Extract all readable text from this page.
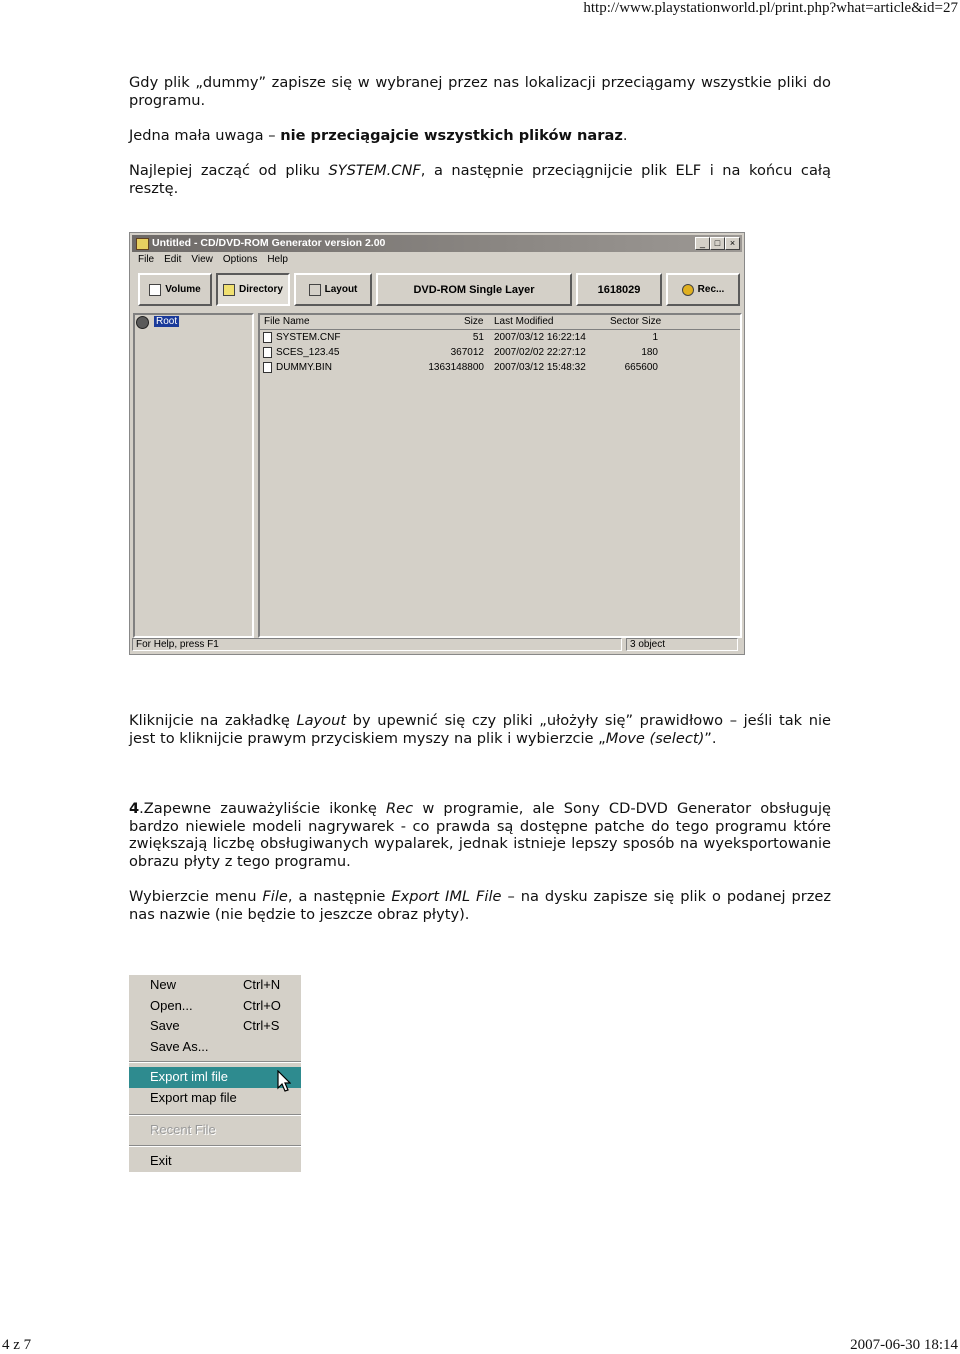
http://www.playstationworld.pl/print.php?what=article&id=27

Gdy plik „dummy” zapisze się w wybranej przez nas lokalizacji przeciągamy wszystkie pliki do programu.

Jedna mała uwaga – nie przeciągajcie wszystkich plików naraz.

Najlepiej zacząć od pliku SYSTEM.CNF, a następnie przeciągnijcie plik ELF i na końcu całą resztę.

Untitled - CD/DVD-ROM Generator version 2.00	_	□	×
File Edit View Options Help
Volume	Directory	Layout	DVD-ROM Single Layer	1618029	Rec...
Root	File Name	Size Last Modified	Sector Size
SYSTEM.CNF	51 2007/03/12 16:22:14	1
SCES_123.45	367012 2007/02/02 22:27:12	180
DUMMY.BIN	1363148800 2007/03/12 15:48:32	665600
For Help, press F1	3 object

Kliknijcie na zakładkę Layout by upewnić się czy pliki „ułożyły się” prawidłowo – jeśli tak nie jest to kliknijcie prawym przyciskiem myszy na plik i wybierzcie „Move (select)”.

4.Zapewne zauważyliście ikonkę Rec w programie, ale Sony CD-DVD Generator obsługuję bardzo niewiele modeli nagrywarek - co prawda są dostępne patche do tego programu które zwiększają liczbę obsługiwanych wypalarek, jednak istnieje lepszy sposób na wyeksportowanie obrazu płyty z tego programu.

Wybierzcie menu File, a następnie Export IML File – na dysku zapisze się plik o podanej przez nas nazwie (nie będzie to jeszcze obraz płyty).

New	Ctrl+N
Open...	Ctrl+O
Save	Ctrl+S
Save As...
Export iml file
Export map file
Recent File
Exit
4 z 7	2007-06-30 18:14
